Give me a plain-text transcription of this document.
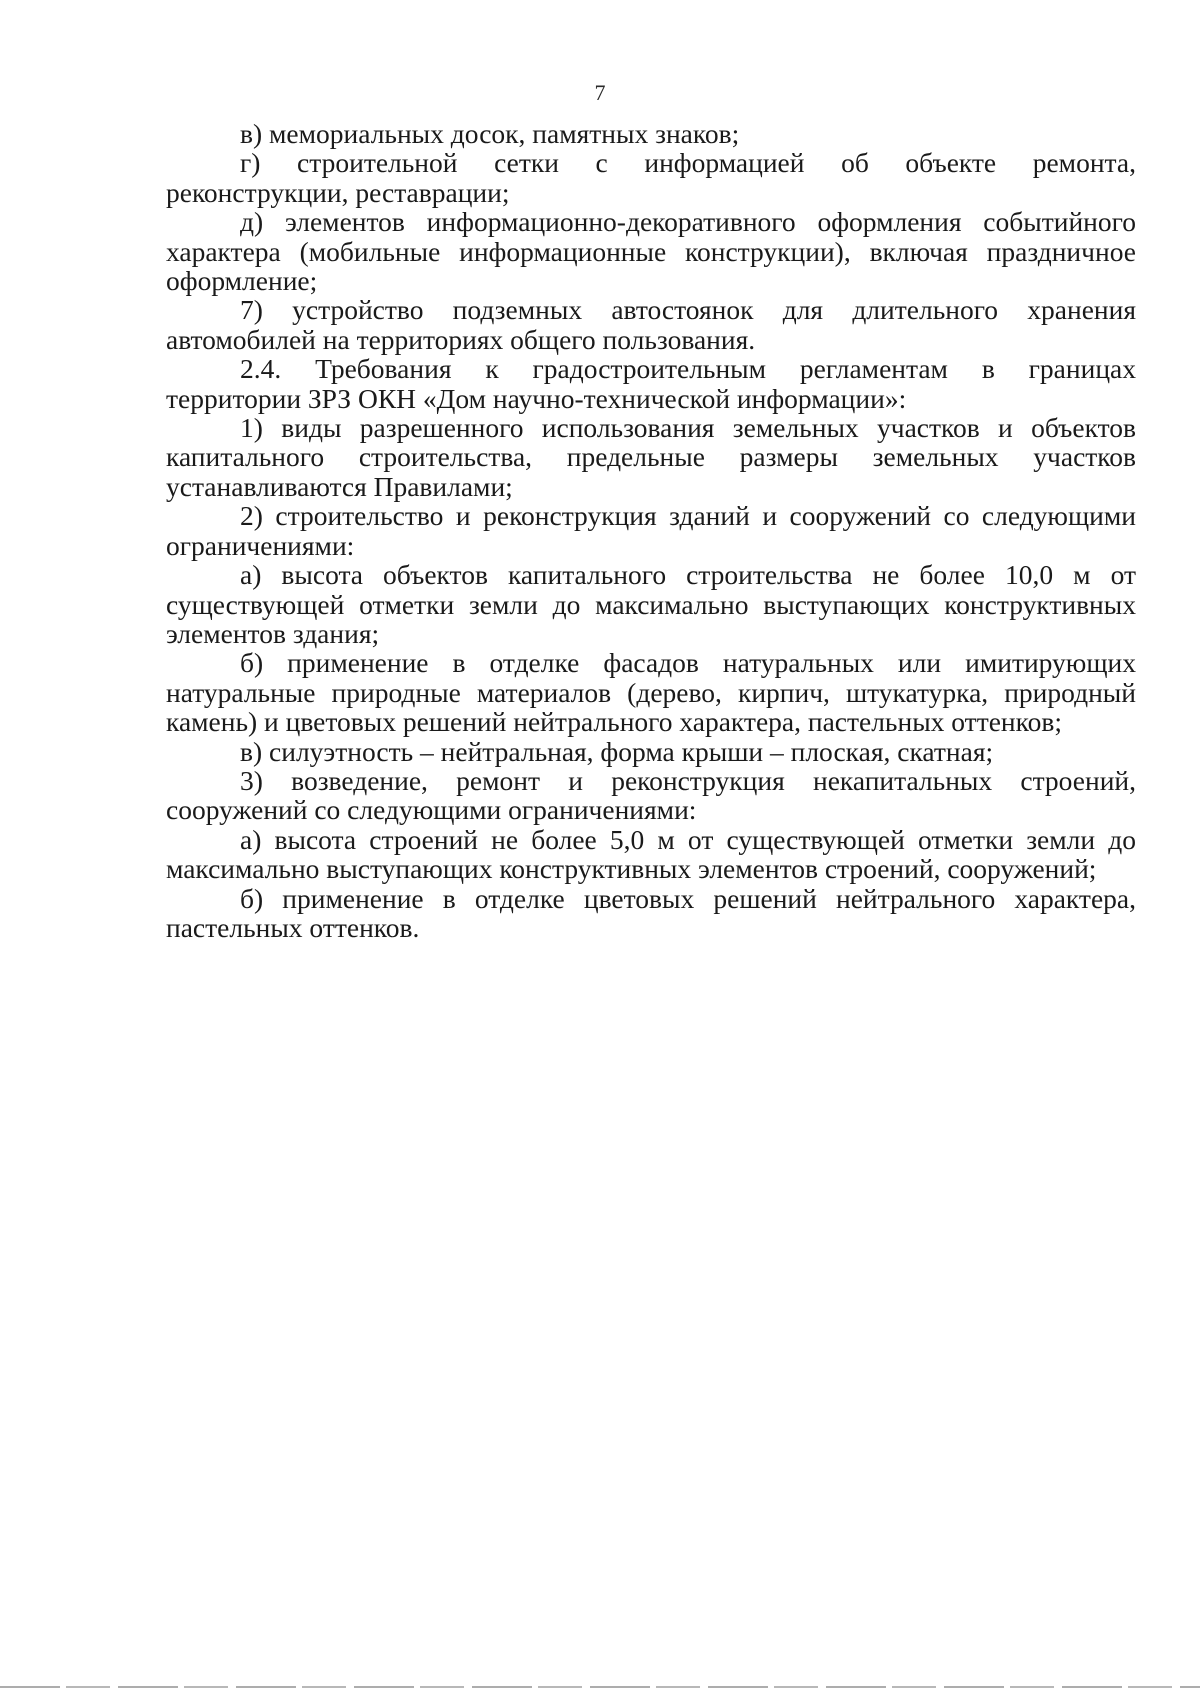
7

в) мемориальных досок, памятных знаков;

г) строительной сетки с информацией об объекте ремонта,
реконструкции, реставрации;

д) элементов информационно-декоративного оформления событийного
характера (мобильные информационные конструкции), включая праздничное
оформление;

7) устройство подземных автостоянок для длительного хранения
автомобилей на территориях общего пользования.

2.4. Требования к градостроительным регламентам в границах
территории ЗРЗ ОКН «Дом научно-технической информации»:

1) виды разрешенного использования земельных участков и объектов
капитального строительства, предельные размеры земельных участков
устанавливаются Правилами;

2) строительство и реконструкция зданий и сооружений со следующими
ограничениями:

а) высота объектов капитального строительства не более 10,0 м от
существующей отметки земли до максимально выступающих конструктивных
элементов здания;

б) применение в отделке фасадов натуральных или имитирующих
натуральные природные материалов (дерево, кирпич, штукатурка, природный
камень) и цветовых решений нейтрального характера, пастельных оттенков;

в) силуэтность – нейтральная, форма крыши – плоская, скатная;

3) возведение, ремонт и реконструкция некапитальных строений,
сооружений со следующими ограничениями:

а) высота строений не более 5,0 м от существующей отметки земли до
максимально выступающих конструктивных элементов строений, сооружений;

б) применение в отделке цветовых решений нейтрального характера,
пастельных оттенков.
